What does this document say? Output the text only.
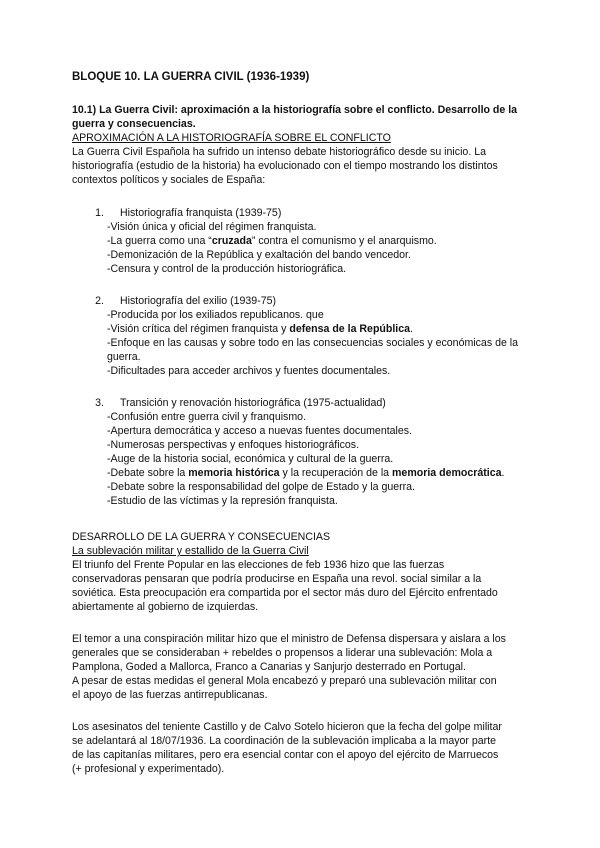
BLOQUE 10. LA GUERRA CIVIL (1936-1939)
10.1) La Guerra Civil: aproximación a la historiografía sobre el conflicto. Desarrollo de la guerra y consecuencias.
APROXIMACIÓN A LA HISTORIOGRAFÍA SOBRE EL CONFLICTO
La Guerra Civil Española ha sufrido un intenso debate historiográfico desde su inicio. La
historiografía (estudio de la historia) ha evolucionado con el tiempo mostrando los distintos
contextos políticos y sociales de España:
1. Historiografía franquista (1939-75)
-Visión única y oficial del régimen franquista.
-La guerra como una “cruzada” contra el comunismo y el anarquismo.
-Demonización de la República y exaltación del bando vencedor.
-Censura y control de la producción historiográfica.
2. Historiografía del exilio (1939-75)
-Producida por los exiliados republicanos. que
-Visión crítica del régimen franquista y defensa de la República.
-Enfoque en las causas y sobre todo en las consecuencias sociales y económicas de la guerra.
-Dificultades para acceder archivos y fuentes documentales.
3. Transición y renovación historiográfica (1975-actualidad)
-Confusión entre guerra civil y franquismo.
-Apertura democrática y acceso a nuevas fuentes documentales.
-Numerosas perspectivas y enfoques historiográficos.
-Auge de la historia social, económica y cultural de la guerra.
-Debate sobre la memoria histórica y la recuperación de la memoria democrática.
-Debate sobre la responsabilidad del golpe de Estado y la guerra.
-Estudio de las víctimas y la represión franquista.
DESARROLLO DE LA GUERRA Y CONSECUENCIAS
La sublevación militar y estallido de la Guerra Civil
El triunfo del Frente Popular en las elecciones de feb 1936 hizo que las fuerzas
conservadoras pensaran que podría producirse en España una revol. social similar a la
soviética. Esta preocupación era compartida por el sector más duro del Ejército enfrentado
abiertamente al gobierno de izquierdas.
El temor a una conspiración militar hizo que el ministro de Defensa dispersara y aislara a los
generales que se consideraban + rebeldes o propensos a liderar una sublevación: Mola a
Pamplona, Goded a Mallorca, Franco a Canarias y Sanjurjo desterrado en Portugal.
A pesar de estas medidas el general Mola encabezó y preparó una sublevación militar con
el apoyo de las fuerzas antirrepublicanas.
Los asesinatos del teniente Castillo y de Calvo Sotelo hicieron que la fecha del golpe militar
se adelantará al 18/07/1936. La coordinación de la sublevación implicaba a la mayor parte
de las capitanías militares, pero era esencial contar con el apoyo del ejército de Marruecos
(+ profesional y experimentado).
